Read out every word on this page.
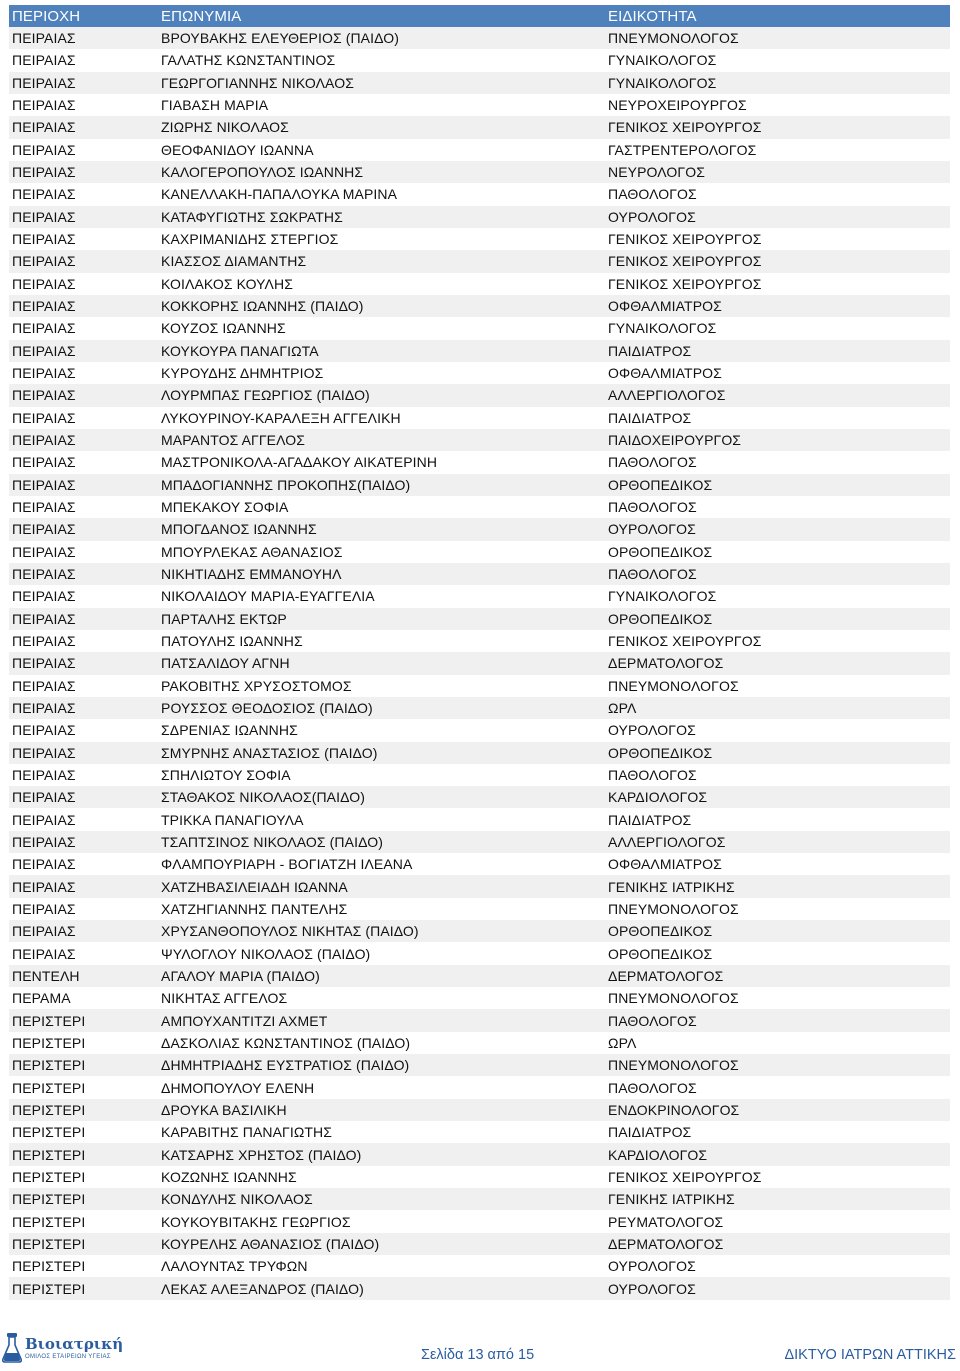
ΠΕΡΙΟΧΗ	ΕΠΩΝΥΜΙΑ	ΕΙΔΙΚΟΤΗΤΑ
ΠΕΙΡΑΙΑΣ	ΒΡΟΥΒΑΚΗΣ ΕΛΕΥΘΕΡΙΟΣ (ΠΑΙΔΟ)	ΠΝΕΥΜΟΝΟΛΟΓΟΣ
ΠΕΙΡΑΙΑΣ	ΓΑΛΑΤΗΣ ΚΩΝΣΤΑΝΤΙΝΟΣ	ΓΥΝΑΙΚΟΛΟΓΟΣ
ΠΕΙΡΑΙΑΣ	ΓΕΩΡΓΟΓΙΑΝΝΗΣ ΝΙΚΟΛΑΟΣ	ΓΥΝΑΙΚΟΛΟΓΟΣ
ΠΕΙΡΑΙΑΣ	ΓΙΑΒΑΣΗ ΜΑΡΙΑ	ΝΕΥΡΟΧΕΙΡΟΥΡΓΟΣ
ΠΕΙΡΑΙΑΣ	ΖΙΩΡΗΣ ΝΙΚΟΛΑΟΣ	ΓΕΝΙΚΟΣ ΧΕΙΡΟΥΡΓΟΣ
ΠΕΙΡΑΙΑΣ	ΘΕΟΦΑΝΙΔΟΥ ΙΩΑΝΝΑ	ΓΑΣΤΡΕΝΤΕΡΟΛΟΓΟΣ
ΠΕΙΡΑΙΑΣ	ΚΑΛΟΓΕΡΟΠΟΥΛΟΣ ΙΩΑΝΝΗΣ	ΝΕΥΡΟΛΟΓΟΣ
ΠΕΙΡΑΙΑΣ	ΚΑΝΕΛΛΑΚΗ-ΠΑΠΑΛΟΥΚΑ ΜΑΡΙΝΑ	ΠΑΘΟΛΟΓΟΣ
ΠΕΙΡΑΙΑΣ	ΚΑΤΑΦΥΓΙΩΤΗΣ ΣΩΚΡΑΤΗΣ	ΟΥΡΟΛΟΓΟΣ
ΠΕΙΡΑΙΑΣ	ΚΑΧΡΙΜΑΝΙΔΗΣ ΣΤΕΡΓΙΟΣ	ΓΕΝΙΚΟΣ ΧΕΙΡΟΥΡΓΟΣ
ΠΕΙΡΑΙΑΣ	ΚΙΑΣΣΟΣ ΔΙΑΜΑΝΤΗΣ	ΓΕΝΙΚΟΣ ΧΕΙΡΟΥΡΓΟΣ
ΠΕΙΡΑΙΑΣ	ΚΟΙΛΑΚΟΣ ΚΟΥΛΗΣ	ΓΕΝΙΚΟΣ ΧΕΙΡΟΥΡΓΟΣ
ΠΕΙΡΑΙΑΣ	ΚΟΚΚΟΡΗΣ ΙΩΑΝΝΗΣ (ΠΑΙΔΟ)	ΟΦΘΑΛΜΙΑΤΡΟΣ
ΠΕΙΡΑΙΑΣ	ΚΟΥΖΟΣ ΙΩΑΝΝΗΣ	ΓΥΝΑΙΚΟΛΟΓΟΣ
ΠΕΙΡΑΙΑΣ	ΚΟΥΚΟΥΡΑ ΠΑΝΑΓΙΩΤΑ	ΠΑΙΔΙΑΤΡΟΣ
ΠΕΙΡΑΙΑΣ	ΚΥΡΟΥΔΗΣ ΔΗΜΗΤΡΙΟΣ	ΟΦΘΑΛΜΙΑΤΡΟΣ
ΠΕΙΡΑΙΑΣ	ΛΟΥΡΜΠΑΣ ΓΕΩΡΓΙΟΣ (ΠΑΙΔΟ)	ΑΛΛΕΡΓΙΟΛΟΓΟΣ
ΠΕΙΡΑΙΑΣ	ΛΥΚΟΥΡΙΝΟΥ-ΚΑΡΑΛΕΞΗ ΑΓΓΕΛΙΚΗ	ΠΑΙΔΙΑΤΡΟΣ
ΠΕΙΡΑΙΑΣ	ΜΑΡΑΝΤΟΣ ΑΓΓΕΛΟΣ	ΠΑΙΔΟΧΕΙΡΟΥΡΓΟΣ
ΠΕΙΡΑΙΑΣ	ΜΑΣΤΡΟΝΙΚΟΛΑ-ΑΓΑΔΑΚΟΥ ΑΙΚΑΤΕΡΙΝΗ	ΠΑΘΟΛΟΓΟΣ
ΠΕΙΡΑΙΑΣ	ΜΠΑΔΟΓΙΑΝΝΗΣ ΠΡΟΚΟΠΗΣ(ΠΑΙΔΟ)	ΟΡΘΟΠΕΔΙΚΟΣ
ΠΕΙΡΑΙΑΣ	ΜΠΕΚΑΚΟΥ ΣΟΦΙΑ	ΠΑΘΟΛΟΓΟΣ
ΠΕΙΡΑΙΑΣ	ΜΠΟΓΔΑΝΟΣ ΙΩΑΝΝΗΣ	ΟΥΡΟΛΟΓΟΣ
ΠΕΙΡΑΙΑΣ	ΜΠΟΥΡΛΕΚΑΣ ΑΘΑΝΑΣΙΟΣ	ΟΡΘΟΠΕΔΙΚΟΣ
ΠΕΙΡΑΙΑΣ	ΝΙΚΗΤΙΑΔΗΣ ΕΜΜΑΝΟΥΗΛ	ΠΑΘΟΛΟΓΟΣ
ΠΕΙΡΑΙΑΣ	ΝΙΚΟΛΑΙΔΟΥ ΜΑΡΙΑ-ΕΥΑΓΓΕΛΙΑ	ΓΥΝΑΙΚΟΛΟΓΟΣ
ΠΕΙΡΑΙΑΣ	ΠΑΡΤΑΛΗΣ ΕΚΤΩΡ	ΟΡΘΟΠΕΔΙΚΟΣ
ΠΕΙΡΑΙΑΣ	ΠΑΤΟΥΛΗΣ ΙΩΑΝΝΗΣ	ΓΕΝΙΚΟΣ ΧΕΙΡΟΥΡΓΟΣ
ΠΕΙΡΑΙΑΣ	ΠΑΤΣΑΛΙΔΟΥ ΑΓΝΗ	ΔΕΡΜΑΤΟΛΟΓΟΣ
ΠΕΙΡΑΙΑΣ	ΡΑΚΟΒΙΤΗΣ ΧΡΥΣΟΣΤΟΜΟΣ	ΠΝΕΥΜΟΝΟΛΟΓΟΣ
ΠΕΙΡΑΙΑΣ	ΡΟΥΣΣΟΣ ΘΕΟΔΟΣΙΟΣ (ΠΑΙΔΟ)	ΩΡΛ
ΠΕΙΡΑΙΑΣ	ΣΔΡΕΝΙΑΣ ΙΩΑΝΝΗΣ	ΟΥΡΟΛΟΓΟΣ
ΠΕΙΡΑΙΑΣ	ΣΜΥΡΝΗΣ ΑΝΑΣΤΑΣΙΟΣ (ΠΑΙΔΟ)	ΟΡΘΟΠΕΔΙΚΟΣ
ΠΕΙΡΑΙΑΣ	ΣΠΗΛΙΩΤΟΥ ΣΟΦΙΑ	ΠΑΘΟΛΟΓΟΣ
ΠΕΙΡΑΙΑΣ	ΣΤΑΘΑΚΟΣ ΝΙΚΟΛΑΟΣ(ΠΑΙΔΟ)	ΚΑΡΔΙΟΛΟΓΟΣ
ΠΕΙΡΑΙΑΣ	ΤΡΙΚΚΑ ΠΑΝΑΓΙΟΥΛΑ	ΠΑΙΔΙΑΤΡΟΣ
ΠΕΙΡΑΙΑΣ	ΤΣΑΠΤΣΙΝΟΣ ΝΙΚΟΛΑΟΣ (ΠΑΙΔΟ)	ΑΛΛΕΡΓΙΟΛΟΓΟΣ
ΠΕΙΡΑΙΑΣ	ΦΛΑΜΠΟΥΡΙΑΡΗ - ΒΟΓΙΑΤΖΗ ΙΛΕΑΝΑ	ΟΦΘΑΛΜΙΑΤΡΟΣ
ΠΕΙΡΑΙΑΣ	ΧΑΤΖΗΒΑΣΙΛΕΙΑΔΗ ΙΩΑΝΝΑ	ΓΕΝΙΚΗΣ ΙΑΤΡΙΚΗΣ
ΠΕΙΡΑΙΑΣ	ΧΑΤΖΗΓΙΑΝΝΗΣ ΠΑΝΤΕΛΗΣ	ΠΝΕΥΜΟΝΟΛΟΓΟΣ
ΠΕΙΡΑΙΑΣ	ΧΡΥΣΑΝΘΟΠΟΥΛΟΣ ΝΙΚΗΤΑΣ (ΠΑΙΔΟ)	ΟΡΘΟΠΕΔΙΚΟΣ
ΠΕΙΡΑΙΑΣ	ΨΥΛΟΓΛΟΥ ΝΙΚΟΛΑΟΣ (ΠΑΙΔΟ)	ΟΡΘΟΠΕΔΙΚΟΣ
ΠΕΝΤΕΛΗ	ΑΓΑΛΟΥ ΜΑΡΙΑ (ΠΑΙΔΟ)	ΔΕΡΜΑΤΟΛΟΓΟΣ
ΠΕΡΑΜΑ	ΝΙΚΗΤΑΣ ΑΓΓΕΛΟΣ	ΠΝΕΥΜΟΝΟΛΟΓΟΣ
ΠΕΡΙΣΤΕΡΙ	ΑΜΠΟΥΧΑΝΤΙΤΖΙ ΑΧΜΕΤ	ΠΑΘΟΛΟΓΟΣ
ΠΕΡΙΣΤΕΡΙ	ΔΑΣΚΟΛΙΑΣ ΚΩΝΣΤΑΝΤΙΝΟΣ (ΠΑΙΔΟ)	ΩΡΛ
ΠΕΡΙΣΤΕΡΙ	ΔΗΜΗΤΡΙΑΔΗΣ ΕΥΣΤΡΑΤΙΟΣ (ΠΑΙΔΟ)	ΠΝΕΥΜΟΝΟΛΟΓΟΣ
ΠΕΡΙΣΤΕΡΙ	ΔΗΜΟΠΟΥΛΟΥ ΕΛΕΝΗ	ΠΑΘΟΛΟΓΟΣ
ΠΕΡΙΣΤΕΡΙ	ΔΡΟΥΚΑ ΒΑΣΙΛΙΚΗ	ΕΝΔΟΚΡΙΝΟΛΟΓΟΣ
ΠΕΡΙΣΤΕΡΙ	ΚΑΡΑΒΙΤΗΣ ΠΑΝΑΓΙΩΤΗΣ	ΠΑΙΔΙΑΤΡΟΣ
ΠΕΡΙΣΤΕΡΙ	ΚΑΤΣΑΡΗΣ ΧΡΗΣΤΟΣ (ΠΑΙΔΟ)	ΚΑΡΔΙΟΛΟΓΟΣ
ΠΕΡΙΣΤΕΡΙ	ΚΟΖΩΝΗΣ ΙΩΑΝΝΗΣ	ΓΕΝΙΚΟΣ ΧΕΙΡΟΥΡΓΟΣ
ΠΕΡΙΣΤΕΡΙ	ΚΟΝΔΥΛΗΣ ΝΙΚΟΛΑΟΣ	ΓΕΝΙΚΗΣ ΙΑΤΡΙΚΗΣ
ΠΕΡΙΣΤΕΡΙ	ΚΟΥΚΟΥΒΙΤΑΚΗΣ ΓΕΩΡΓΙΟΣ	ΡΕΥΜΑΤΟΛΟΓΟΣ
ΠΕΡΙΣΤΕΡΙ	ΚΟΥΡΕΛΗΣ ΑΘΑΝΑΣΙΟΣ (ΠΑΙΔΟ)	ΔΕΡΜΑΤΟΛΟΓΟΣ
ΠΕΡΙΣΤΕΡΙ	ΛΑΛΟΥΝΤΑΣ ΤΡΥΦΩΝ	ΟΥΡΟΛΟΓΟΣ
ΠΕΡΙΣΤΕΡΙ	ΛΕΚΑΣ ΑΛΕΞΑΝΔΡΟΣ (ΠΑΙΔΟ)	ΟΥΡΟΛΟΓΟΣ
Βιοιατρική
ΟΜΙΛΟΣ ΕΤΑΙΡΕΙΩΝ ΥΓΕΙΑΣ	Σελίδα 13 από 15	ΔΙΚΤΥΟ ΙΑΤΡΩΝ ΑΤΤΙΚΗΣ
